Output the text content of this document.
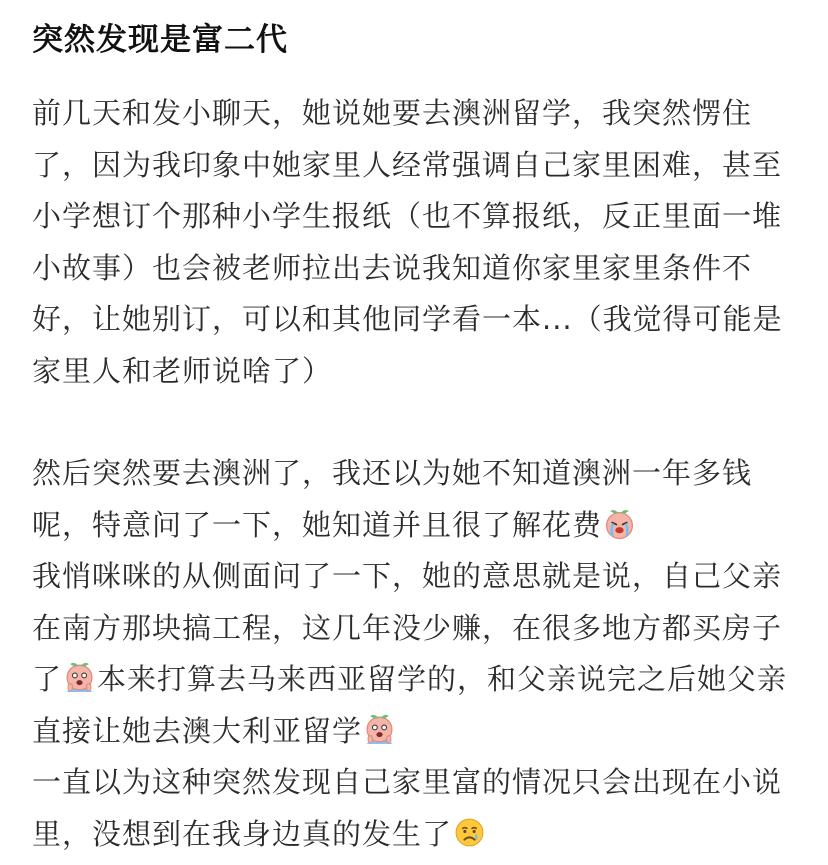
突然发现是富二代

前几天和发小聊天，她说她要去澳洲留学，我突然愣住了，因为我印象中她家里人经常强调自己家里困难，甚至小学想订个那种小学生报纸（也不算报纸，反正里面一堆小故事）也会被老师拉出去说我知道你家里家里条件不好，让她别订，可以和其他同学看一本...（我觉得可能是家里人和老师说啥了）

然后突然要去澳洲了，我还以为她不知道澳洲一年多钱呢，特意问了一下，她知道并且很了解花费
我悄咪咪的从侧面问了一下，她的意思就是说，自己父亲在南方那块搞工程，这几年没少赚，在很多地方都买房子了 本来打算去马来西亚留学的，和父亲说完之后她父亲直接让她去澳大利亚留学
一直以为这种突然发现自己家里富的情况只会出现在小说里，没想到在我身边真的发生了
